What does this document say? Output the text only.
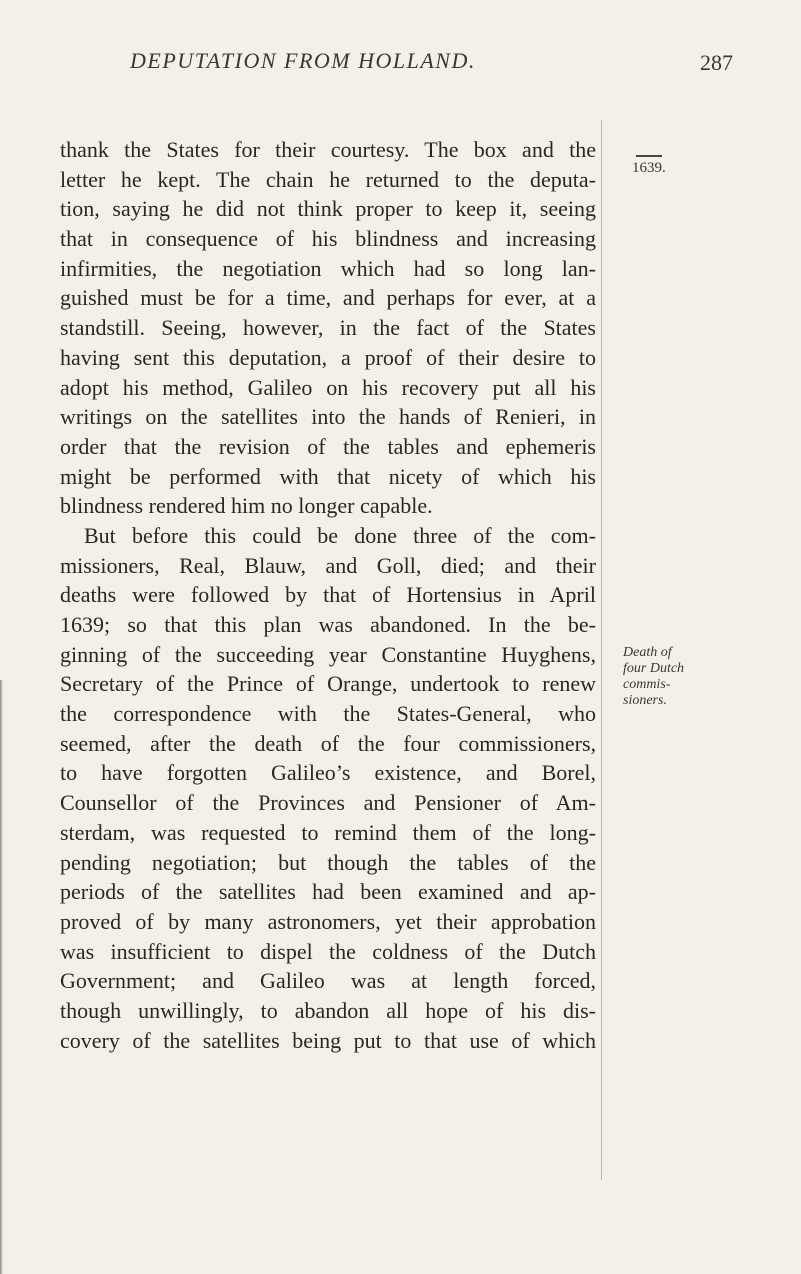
DEPUTATION FROM HOLLAND.	287
thank the States for their courtesy. The box and the
letter he kept. The chain he returned to the deputa-
tion, saying he did not think proper to keep it, seeing
that in consequence of his blindness and increasing
infirmities, the negotiation which had so long lan-
guished must be for a time, and perhaps for ever, at a
standstill. Seeing, however, in the fact of the States
having sent this deputation, a proof of their desire to
adopt his method, Galileo on his recovery put all his
writings on the satellites into the hands of Renieri, in
order that the revision of the tables and ephemeris
might be performed with that nicety of which his
blindness rendered him no longer capable.
But before this could be done three of the com-
missioners, Real, Blauw, and Goll, died; and their
deaths were followed by that of Hortensius in April
1639; so that this plan was abandoned. In the be-
ginning of the succeeding year Constantine Huyghens,
Secretary of the Prince of Orange, undertook to renew
the correspondence with the States-General, who
seemed, after the death of the four commissioners,
to have forgotten Galileo’s existence, and Borel,
Counsellor of the Provinces and Pensioner of Am-
sterdam, was requested to remind them of the long-
pending negotiation; but though the tables of the
periods of the satellites had been examined and ap-
proved of by many astronomers, yet their approbation
was insufficient to dispel the coldness of the Dutch
Government; and Galileo was at length forced,
though unwillingly, to abandon all hope of his dis-
covery of the satellites being put to that use of which
1639.
Death of
four Dutch
commis-
sioners.
